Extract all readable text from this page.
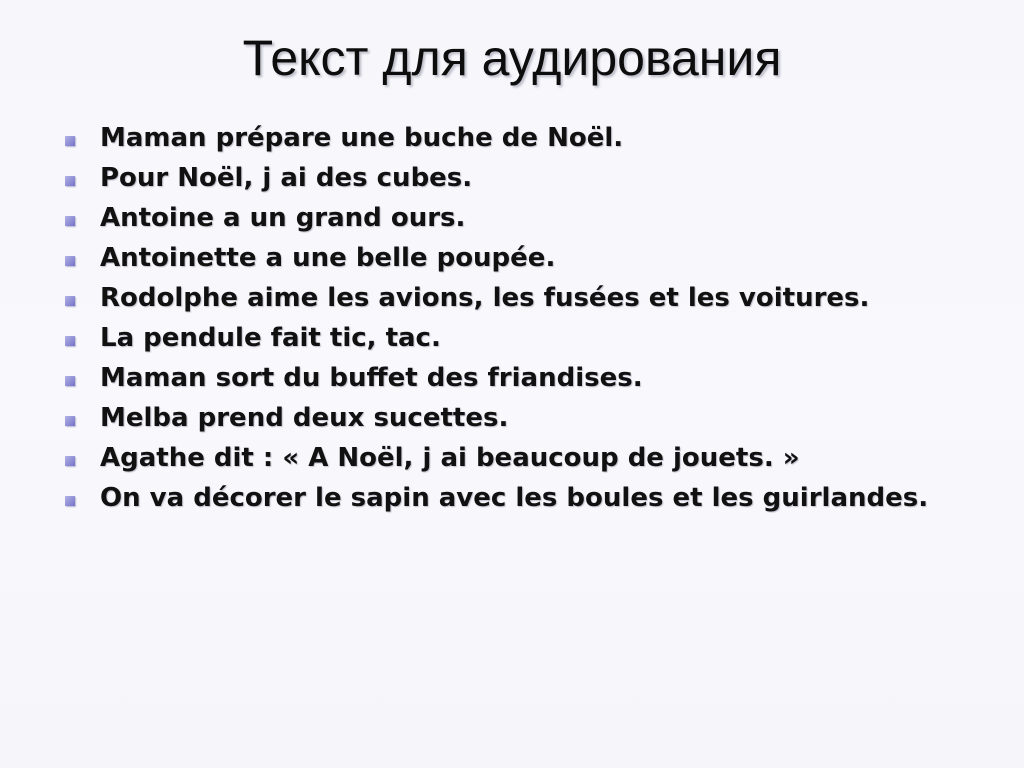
Текст для аудирования
Maman prépare une buche de Noël.
Pour Noël, j ai des cubes.
Antoine a un grand ours.
Antoinette a une belle poupée.
Rodolphe aime les avions, les fusées et les voitures.
La pendule fait tic, tac.
Maman sort du buffet des friandises.
Melba prend deux sucettes.
Agathe dit : « A Noël, j ai beaucoup de jouets. »
On va décorer le sapin avec les boules et les guirlandes.
